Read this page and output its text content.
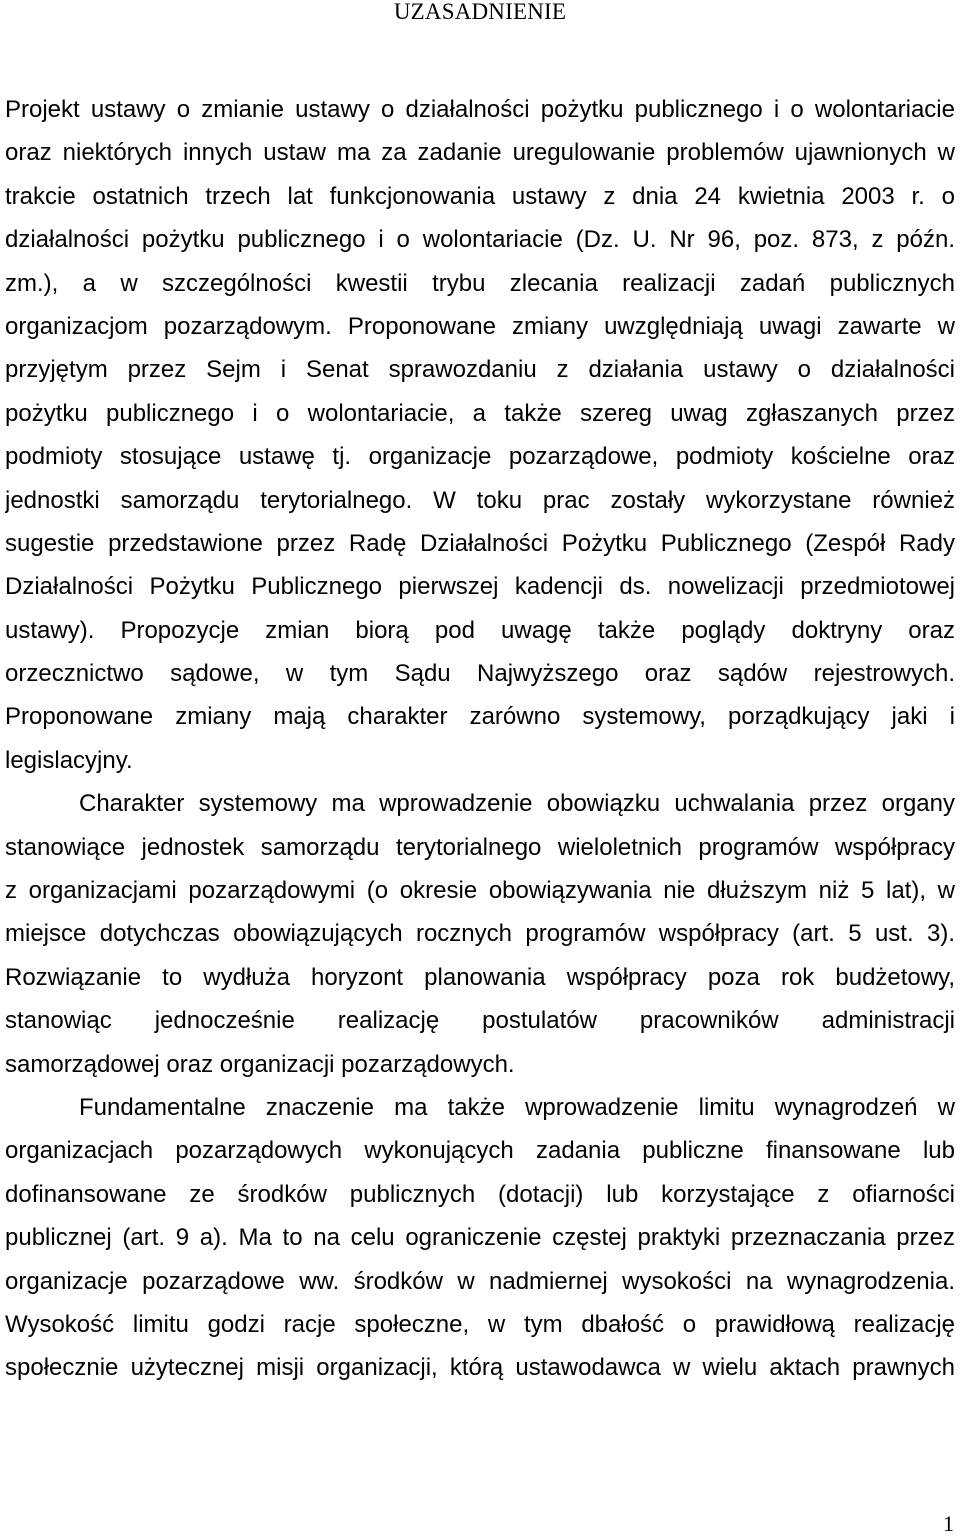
UZASADNIENIE
Projekt ustawy o zmianie ustawy o działalności pożytku publicznego i o wolontariacie
oraz niektórych innych ustaw ma za zadanie uregulowanie problemów ujawnionych w
trakcie ostatnich trzech lat funkcjonowania ustawy z dnia 24 kwietnia 2003 r. o
działalności pożytku publicznego i o wolontariacie (Dz. U. Nr 96, poz. 873, z późn.
zm.), a w szczególności kwestii trybu zlecania realizacji zadań publicznych
organizacjom pozarządowym. Proponowane zmiany uwzględniają uwagi zawarte w
przyjętym przez Sejm i Senat sprawozdaniu z działania ustawy o działalności
pożytku publicznego i o wolontariacie, a także szereg uwag zgłaszanych przez
podmioty stosujące ustawę tj. organizacje pozarządowe, podmioty kościelne oraz
jednostki samorządu terytorialnego. W toku prac zostały wykorzystane również
sugestie przedstawione przez Radę Działalności Pożytku Publicznego (Zespół Rady
Działalności Pożytku Publicznego pierwszej kadencji ds. nowelizacji przedmiotowej
ustawy). Propozycje zmian biorą pod uwagę także poglądy doktryny oraz
orzecznictwo sądowe, w tym Sądu Najwyższego oraz sądów rejestrowych.
Proponowane zmiany mają charakter zarówno systemowy, porządkujący jaki i
legislacyjny.
Charakter systemowy ma wprowadzenie obowiązku uchwalania przez organy
stanowiące jednostek samorządu terytorialnego wieloletnich programów współpracy
z organizacjami pozarządowymi (o okresie obowiązywania nie dłuższym niż 5 lat), w
miejsce dotychczas obowiązujących rocznych programów współpracy (art. 5 ust. 3).
Rozwiązanie to wydłuża horyzont planowania współpracy poza rok budżetowy,
stanowiąc jednocześnie realizację postulatów pracowników administracji
samorządowej oraz organizacji pozarządowych.
Fundamentalne znaczenie ma także wprowadzenie limitu wynagrodzeń w
organizacjach pozarządowych wykonujących zadania publiczne finansowane lub
dofinansowane ze środków publicznych (dotacji) lub korzystające z ofiarności
publicznej (art. 9 a). Ma to na celu ograniczenie częstej praktyki przeznaczania przez
organizacje pozarządowe ww. środków w nadmiernej wysokości na wynagrodzenia.
Wysokość limitu godzi racje społeczne, w tym dbałość o prawidłową realizację
społecznie użytecznej misji organizacji, którą ustawodawca w wielu aktach prawnych
1
